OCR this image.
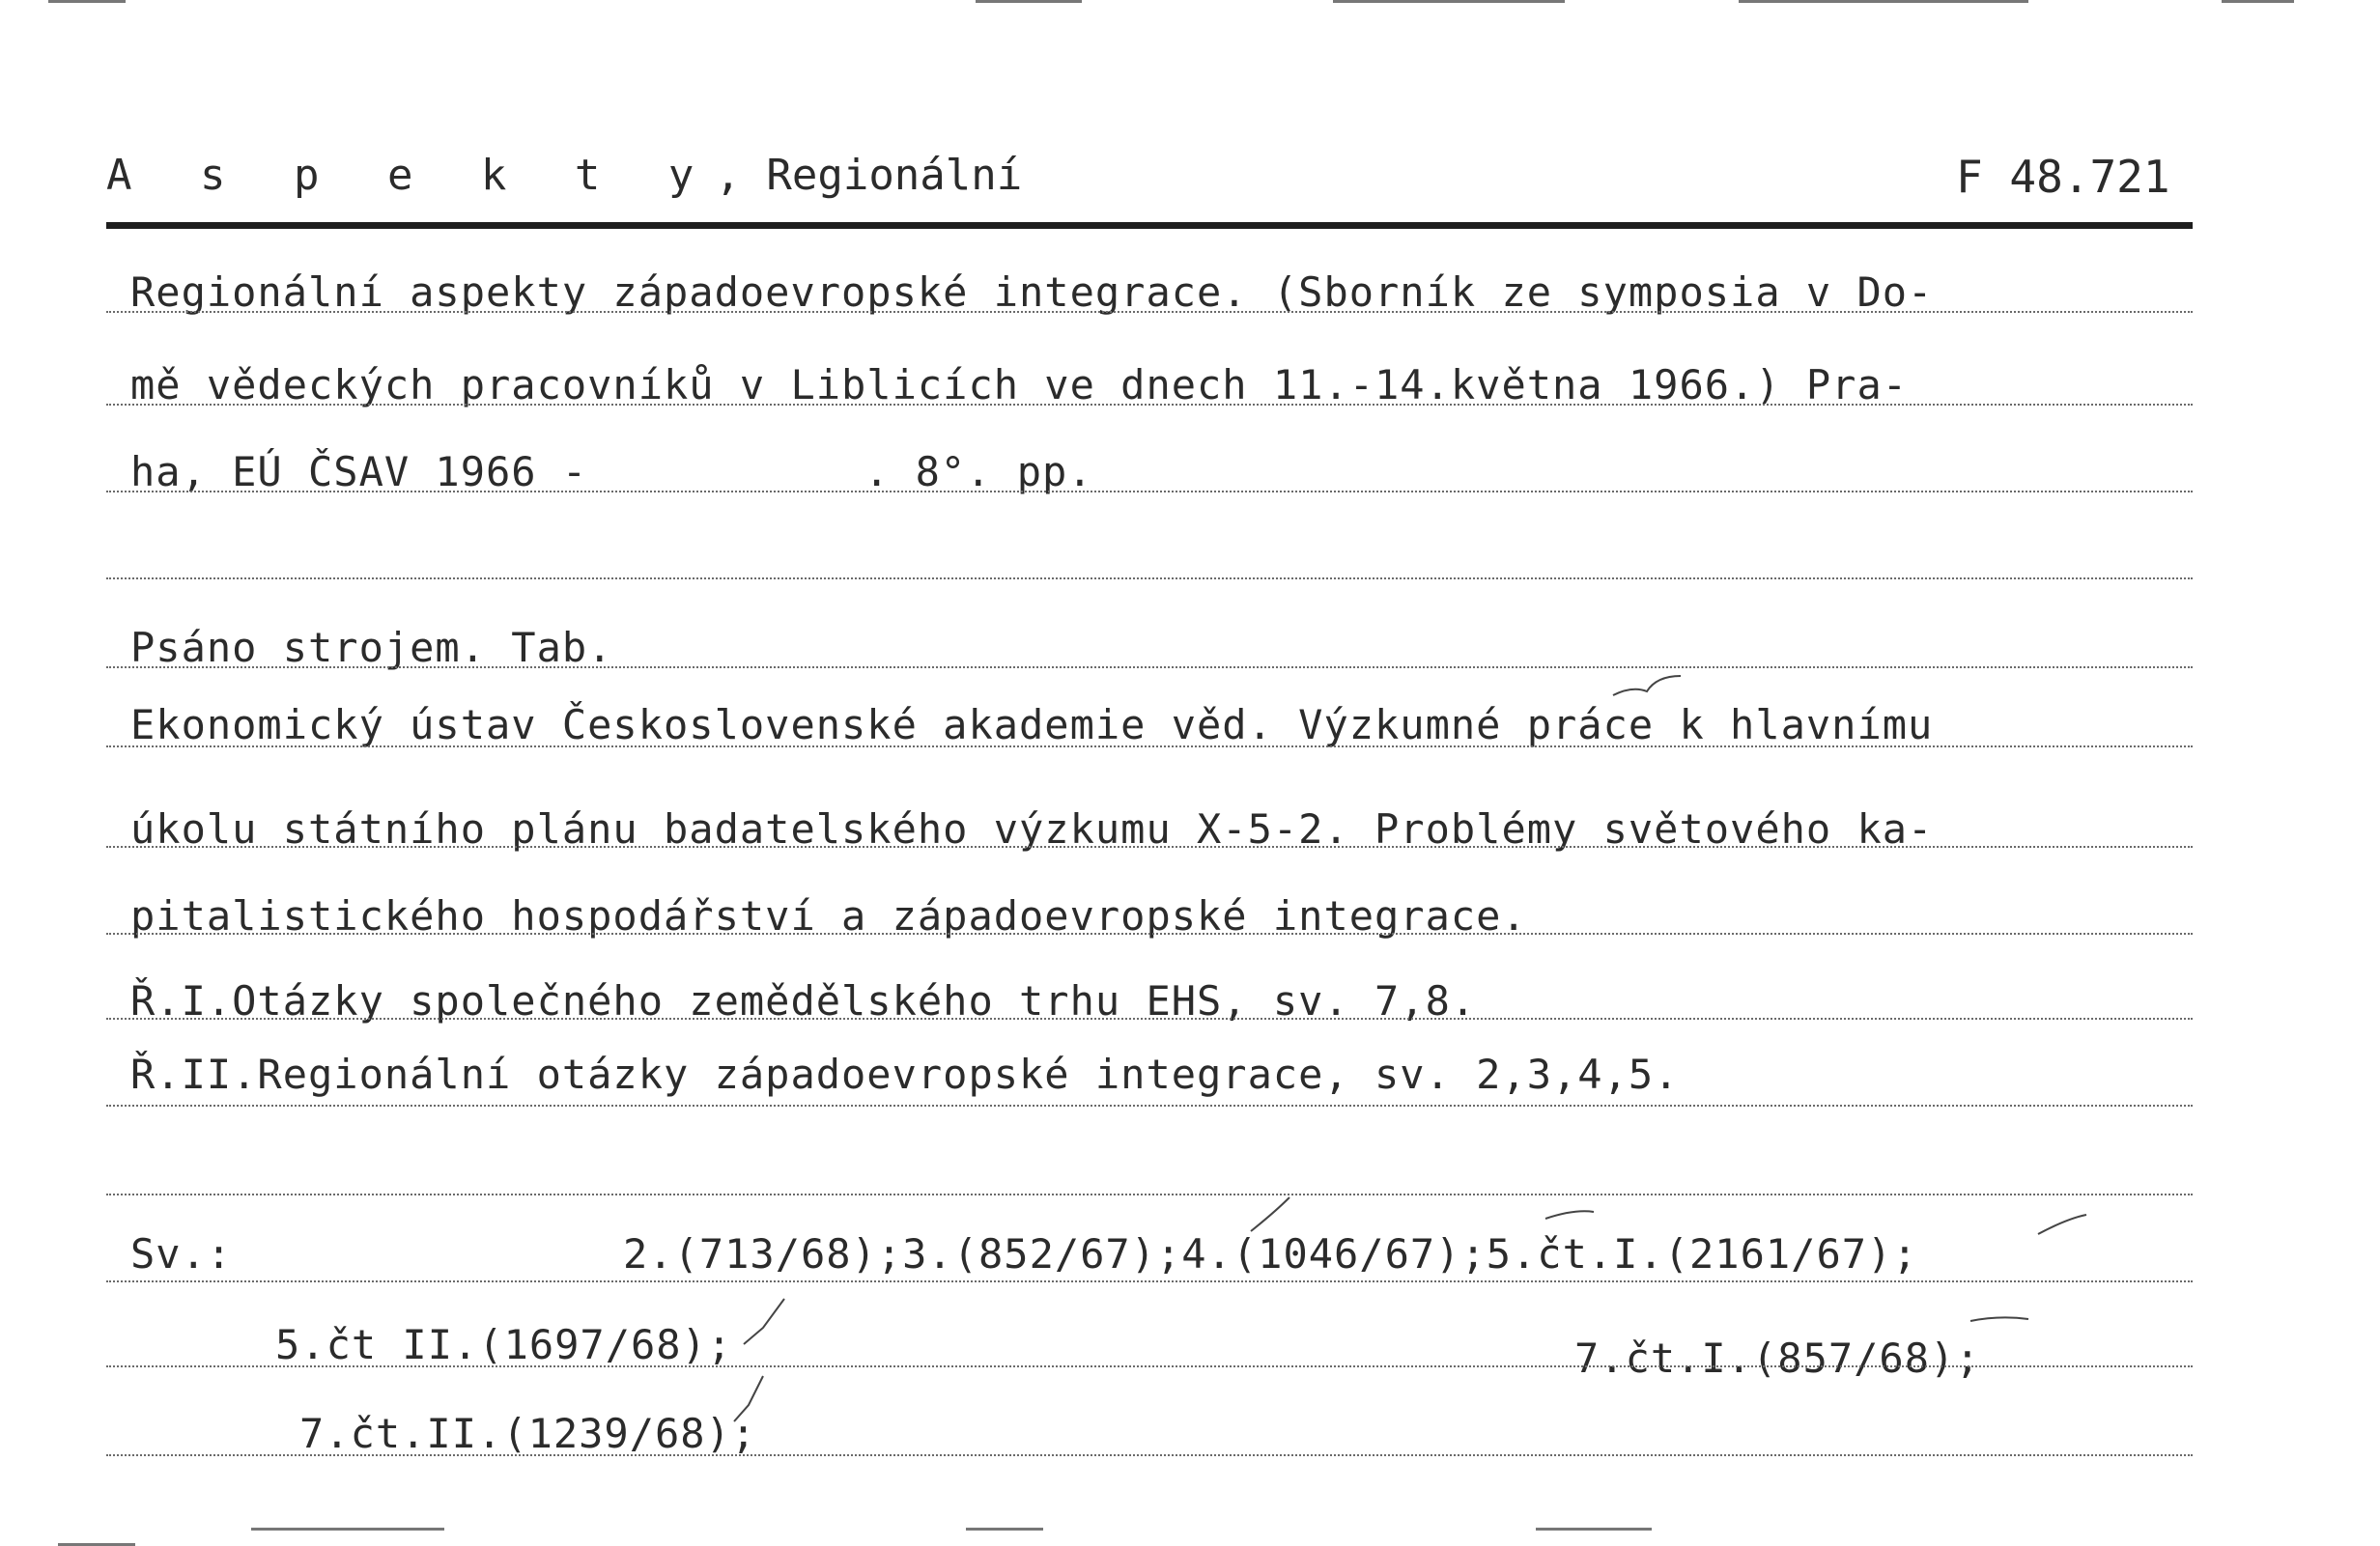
A s p e k t y, Regionální	F 48.721
Regionální aspekty západoevropské integrace. (Sborník ze symposia v Do-
mě vědeckých pracovníků v Liblicích ve dnech 11.-14.května 1966.) Pra-
ha, EÚ ČSAV 1966 -	. 8°. pp.
Psáno strojem. Tab.
Ekonomický ústav Československé akademie věd. Výzkumné práce k hlavnímu
úkolu státního plánu badatelského výzkumu X-5-2. Problémy světového ka-
pitalistického hospodářství a západoevropské integrace.
Ř.I.Otázky společného zemědělského trhu EHS, sv. 7,8.
Ř.II.Regionální otázky západoevropské integrace, sv. 2,3,4,5.
Sv.:	2.(713/68);3.(852/67);4.(1046/67);5.čt.I.(2161/67);
5.čt II.(1697/68);	7.čt.I.(857/68);
7.čt.II.(1239/68);
